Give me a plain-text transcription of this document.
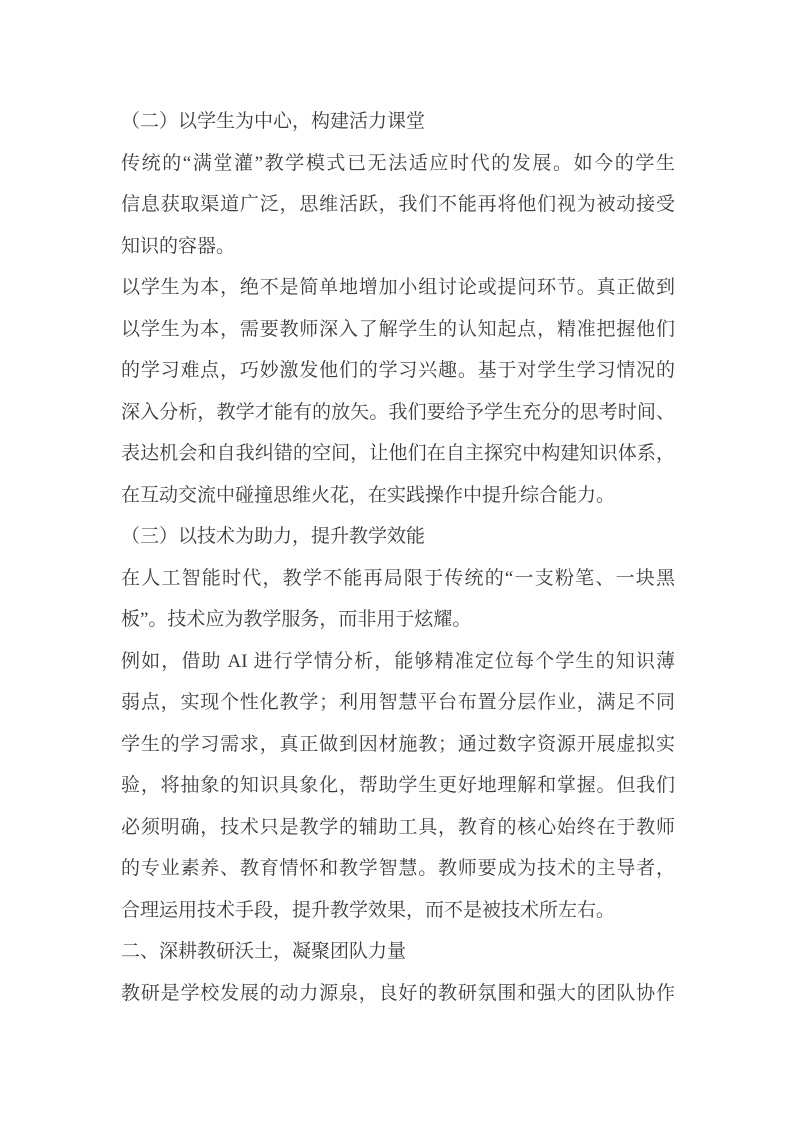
（二）以学生为中心，构建活力课堂

传统的“满堂灌”教学模式已无法适应时代的发展。如今的学生
信息获取渠道广泛，思维活跃，我们不能再将他们视为被动接受
知识的容器。

以学生为本，绝不是简单地增加小组讨论或提问环节。真正做到
以学生为本，需要教师深入了解学生的认知起点，精准把握他们
的学习难点，巧妙激发他们的学习兴趣。基于对学生学习情况的
深入分析，教学才能有的放矢。我们要给予学生充分的思考时间、
表达机会和自我纠错的空间，让他们在自主探究中构建知识体系，
在互动交流中碰撞思维火花，在实践操作中提升综合能力。

（三）以技术为助力，提升教学效能

在人工智能时代，教学不能再局限于传统的“一支粉笔、一块黑
板”。技术应为教学服务，而非用于炫耀。

例如，借助 AI 进行学情分析，能够精准定位每个学生的知识薄
弱点，实现个性化教学；利用智慧平台布置分层作业，满足不同
学生的学习需求，真正做到因材施教；通过数字资源开展虚拟实
验，将抽象的知识具象化，帮助学生更好地理解和掌握。但我们
必须明确，技术只是教学的辅助工具，教育的核心始终在于教师
的专业素养、教育情怀和教学智慧。教师要成为技术的主导者，
合理运用技术手段，提升教学效果，而不是被技术所左右。

二、深耕教研沃土，凝聚团队力量

教研是学校发展的动力源泉，良好的教研氛围和强大的团队协作
